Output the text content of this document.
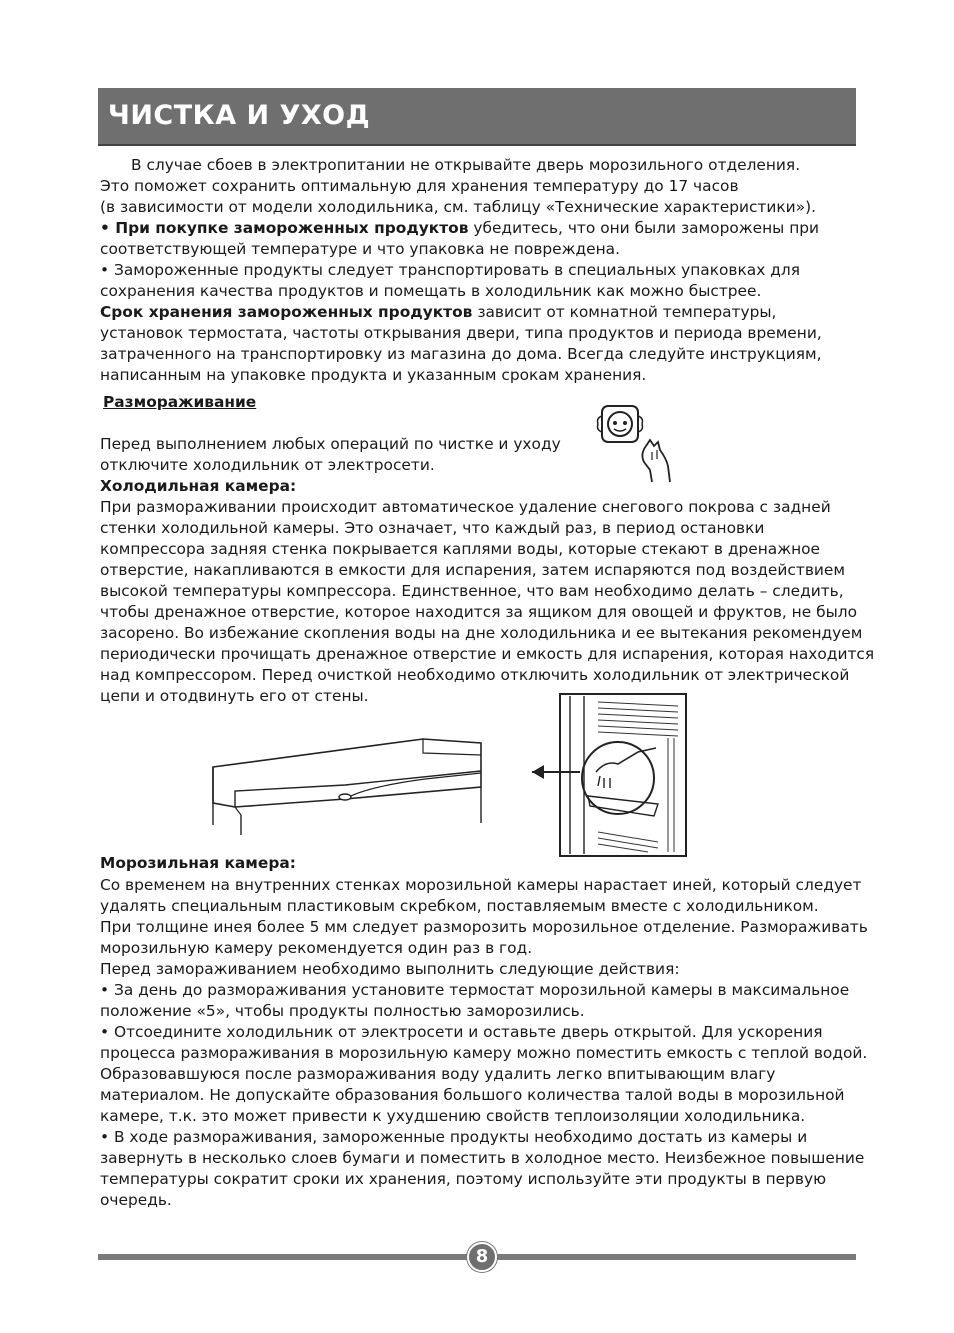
ЧИСТКА И УХОД
В случае сбоев в электропитании не открывайте дверь морозильного отделения.
Это поможет сохранить оптимальную для хранения температуру до 17 часов
(в зависимости от модели холодильника, см. таблицу «Технические характеристики»).
• При покупке замороженных продуктов убедитесь, что они были заморожены при
соответствующей температуре и что упаковка не повреждена.
• Замороженные продукты следует транспортировать в специальных упаковках для
сохранения качества продуктов и помещать в холодильник как можно быстрее.
Срок хранения замороженных продуктов зависит от комнатной температуры,
установок термостата, частоты открывания двери, типа продуктов и периода времени,
затраченного на транспортировку из магазина до дома. Всегда следуйте инструкциям,
написанным на упаковке продукта и указанным срокам хранения.
Размораживание
Перед выполнением любых операций по чистке и уходу
отключите холодильник от электросети.
Холодильная камера:
При размораживании происходит автоматическое удаление снегового покрова с задней
стенки холодильной камеры. Это означает, что каждый раз, в период остановки
компрессора задняя стенка покрывается каплями воды, которые стекают в дренажное
отверстие, накапливаются в емкости для испарения, затем испаряются под воздействием
высокой температуры компрессора. Единственное, что вам необходимо делать – следить,
чтобы дренажное отверстие, которое находится за ящиком для овощей и фруктов, не было
засорено. Во избежание скопления воды на дне холодильника и ее вытекания рекомендуем
периодически прочищать дренажное отверстие и емкость для испарения, которая находится
над компрессором. Перед очисткой необходимо отключить холодильник от электрической
цепи и отодвинуть его от стены.
Морозильная камера:
Со временем на внутренних стенках морозильной камеры нарастает иней, который следует
удалять специальным пластиковым скребком, поставляемым вместе с холодильником.
При толщине инея более 5 мм следует разморозить морозильное отделение. Размораживать
морозильную камеру рекомендуется один раз в год.
Перед замораживанием необходимо выполнить следующие действия:
• За день до размораживания установите термостат морозильной камеры в максимальное
положение «5», чтобы продукты полностью заморозились.
• Отсоедините холодильник от электросети и оставьте дверь открытой. Для ускорения
процесса размораживания в морозильную камеру можно поместить емкость с теплой водой.
Образовавшуюся после размораживания воду удалить легко впитывающим влагу
материалом. Не допускайте образования большого количества талой воды в морозильной
камере, т.к. это может привести к ухудшению свойств теплоизоляции холодильника.
• В ходе размораживания, замороженные продукты необходимо достать из камеры и
завернуть в несколько слоев бумаги и поместить в холодное место. Неизбежное повышение
температуры сократит сроки их хранения, поэтому используйте эти продукты в первую
очередь.
8
